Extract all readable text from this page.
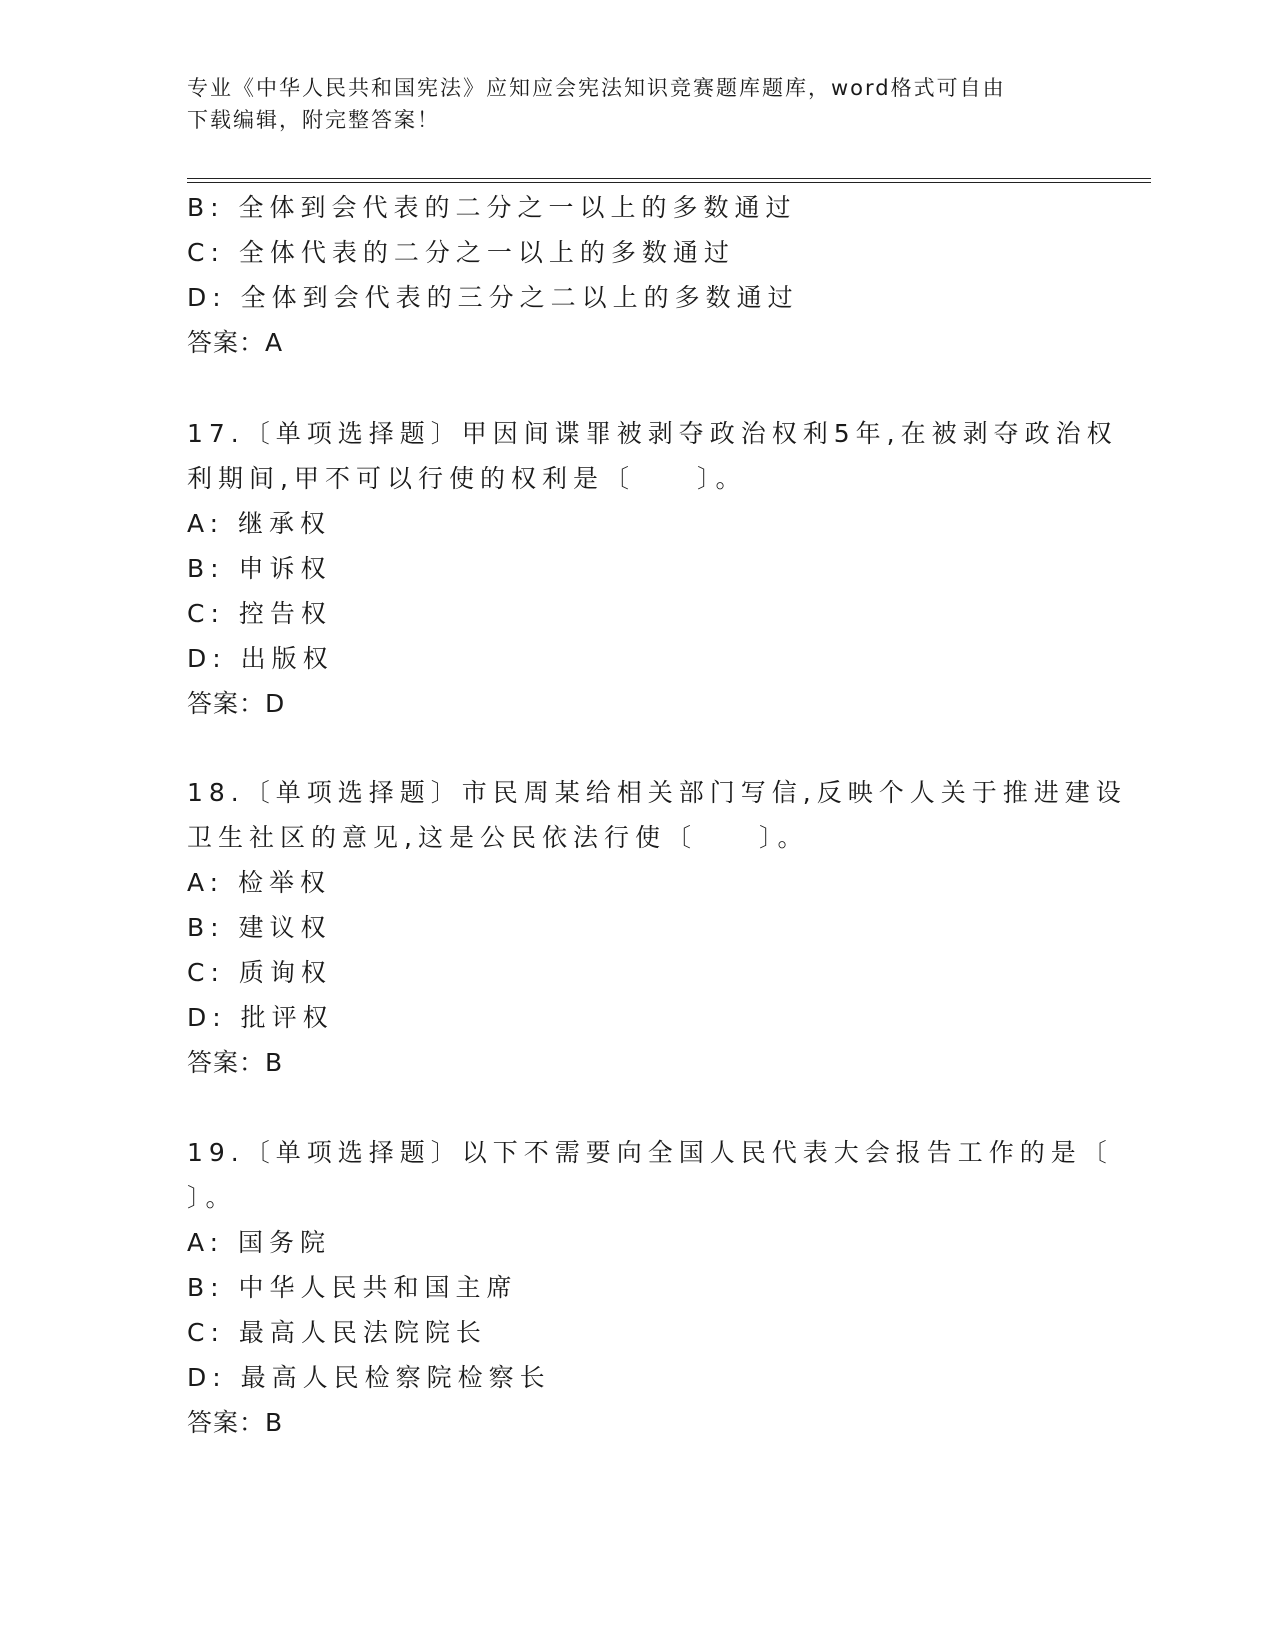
专业《中华人民共和国宪法》应知应会宪法知识竞赛题库题库，word格式可自由
下载编辑，附完整答案！
B: 全体到会代表的二分之一以上的多数通过
C: 全体代表的二分之一以上的多数通过
D: 全体到会代表的三分之二以上的多数通过
答案：A
17.〔单项选择题〕甲因间谍罪被剥夺政治权利5年,在被剥夺政治权
利期间,甲不可以行使的权利是〔　　〕。
A: 继承权
B: 申诉权
C: 控告权
D: 出版权
答案：D
18.〔单项选择题〕市民周某给相关部门写信,反映个人关于推进建设
卫生社区的意见,这是公民依法行使〔　　〕。
A: 检举权
B: 建议权
C: 质询权
D: 批评权
答案：B
19.〔单项选择题〕以下不需要向全国人民代表大会报告工作的是〔
〕。
A: 国务院
B: 中华人民共和国主席
C: 最高人民法院院长
D: 最高人民检察院检察长
答案：B
